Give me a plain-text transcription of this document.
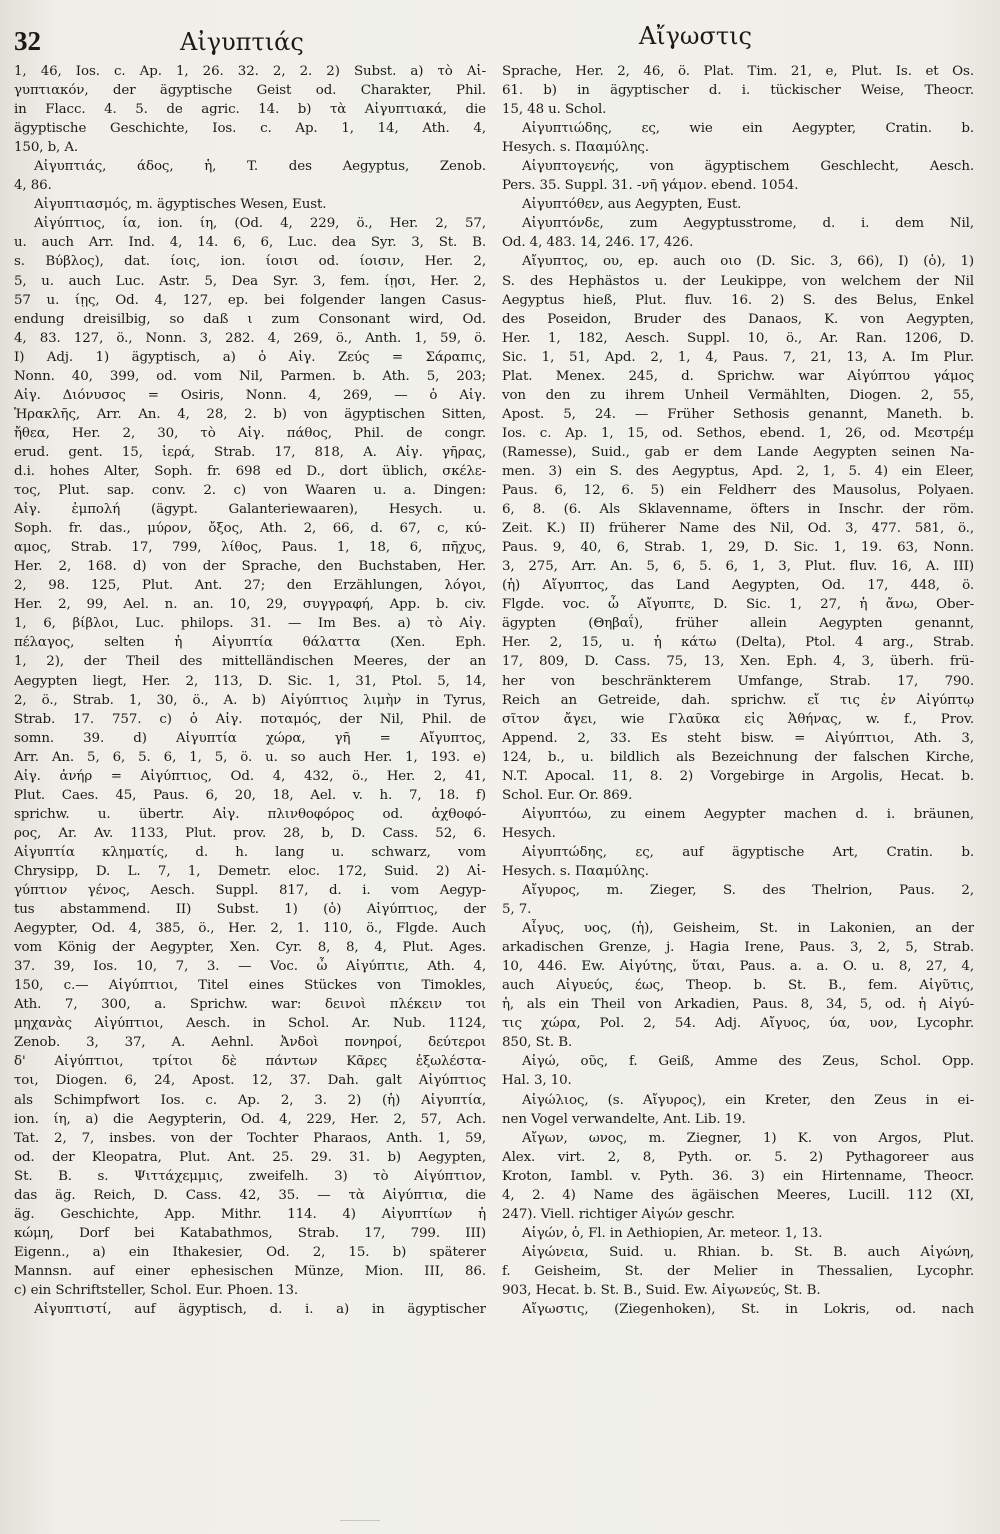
32	Αἰγυπτιάς	Αἴγωστις
1, 46, Ios. c. Ap. 1, 26. 32. 2, 2. 2) Subst. a) τὸ Αἰ-
γυπτιακόν, der ägyptische Geist od. Charakter, Phil.
in Flacc. 4. 5. de agric. 14. b) τὰ Αἰγυπτιακά, die
ägyptische Geschichte, Ios. c. Ap. 1, 14, Ath. 4,
150, b, A.
Αἰγυπτιάς, άδος, ἡ, T. des Aegyptus, Zenob.
4, 86.
Αἰγυπτιασμός, m. ägyptisches Wesen, Eust.
Αἰγύπτιος, ία, ion. ίη, (Od. 4, 229, ö., Her. 2, 57,
u. auch Arr. Ind. 4, 14. 6, 6, Luc. dea Syr. 3, St. B.
s. Βύβλος), dat. ίοις, ion. ίοισι od. ίοισιν, Her. 2,
5, u. auch Luc. Astr. 5, Dea Syr. 3, fem. ίῃσι, Her. 2,
57 u. ίῃς, Od. 4, 127, ep. bei folgender langen Casus-
endung dreisilbig, so daß ι zum Consonant wird, Od.
4, 83. 127, ö., Nonn. 3, 282. 4, 269, ö., Anth. 1, 59, ö.
I) Adj. 1) ägyptisch, a) ὁ Αἰγ. Ζεύς = Σάραπις,
Nonn. 40, 399, od. vom Nil, Parmen. b. Ath. 5, 203;
Αἰγ. Διόνυσος = Osiris, Nonn. 4, 269, — ὁ Αἰγ.
Ἡρακλῆς, Arr. An. 4, 28, 2. b) von ägyptischen Sitten,
ἤθεα, Her. 2, 30, τὸ Αἰγ. πάθος, Phil. de congr.
erud. gent. 15, ἱερά, Strab. 17, 818, A. Αἰγ. γῆρας,
d.i. hohes Alter, Soph. fr. 698 ed D., dort üblich, σκέλε-
τος, Plut. sap. conv. 2. c) von Waaren u. a. Dingen:
Αἰγ. ἐμπολή (ägypt. Galanteriewaaren), Hesych. u.
Soph. fr. das., μύρον, ὄξος, Ath. 2, 66, d. 67, c, κύ-
αμος, Strab. 17, 799, λίθος, Paus. 1, 18, 6, πῆχυς,
Her. 2, 168. d) von der Sprache, den Buchstaben, Her.
2, 98. 125, Plut. Ant. 27; den Erzählungen, λόγοι,
Her. 2, 99, Ael. n. an. 10, 29, συγγραφή, App. b. civ.
1, 6, βίβλοι, Luc. philops. 31. — Im Bes. a) τὸ Αἰγ.
πέλαγος, selten ἡ Αἰγυπτία θάλαττα (Xen. Eph.
1, 2), der Theil des mittelländischen Meeres, der an
Aegypten liegt, Her. 2, 113, D. Sic. 1, 31, Ptol. 5, 14,
2, ö., Strab. 1, 30, ö., A. b) Αἰγύπτιος λιμὴν in Tyrus,
Strab. 17. 757. c) ὁ Αἰγ. ποταμός, der Nil, Phil. de
somn. 39. d) Αἰγυπτία χώρα, γῆ = Αἴγυπτος,
Arr. An. 5, 6, 5. 6, 1, 5, ö. u. so auch Her. 1, 193. e)
Αἰγ. ἀνήρ = Αἰγύπτιος, Od. 4, 432, ö., Her. 2, 41,
Plut. Caes. 45, Paus. 6, 20, 18, Ael. v. h. 7, 18. f)
sprichw. u. übertr. Αἰγ. πλινθοφόρος od. ἀχθοφό-
ρος, Ar. Av. 1133, Plut. prov. 28, b, D. Cass. 52, 6.
Αἰγυπτία κληματίς, d. h. lang u. schwarz, vom
Chrysipp, D. L. 7, 1, Demetr. eloc. 172, Suid. 2) Αἰ-
γύπτιον γένος, Aesch. Suppl. 817, d. i. vom Aegyp-
tus abstammend. II) Subst. 1) (ὁ) Αἰγύπτιος, der
Aegypter, Od. 4, 385, ö., Her. 2, 1. 110, ö., Flgde. Auch
vom König der Aegypter, Xen. Cyr. 8, 8, 4, Plut. Ages.
37. 39, Ios. 10, 7, 3. — Voc. ὦ Αἰγύπτιε, Ath. 4,
150, c.— Αἰγύπτιοι, Titel eines Stückes von Timokles,
Ath. 7, 300, a. Sprichw. war: δεινοὶ πλέκειν τοι
μηχανὰς Αἰγύπτιοι, Aesch. in Schol. Ar. Nub. 1124,
Zenob. 3, 37, A. Aehnl. Ἀνδοὶ πονηροί, δεύτεροι
δ' Αἰγύπτιοι, τρίτοι δὲ πάντων Κᾶρες ἐξωλέστα-
τοι, Diogen. 6, 24, Apost. 12, 37. Dah. galt Αἰγύπτιος
als Schimpfwort Ios. c. Ap. 2, 3. 2) (ἡ) Αἰγυπτία,
ion. ίη, a) die Aegypterin, Od. 4, 229, Her. 2, 57, Ach.
Tat. 2, 7, insbes. von der Tochter Pharaos, Anth. 1, 59,
od. der Kleopatra, Plut. Ant. 25. 29. 31. b) Aegypten,
St. B. s. Ψιττάχεμμις, zweifelh. 3) τὸ Αἰγύπτιον,
das äg. Reich, D. Cass. 42, 35. — τὰ Αἰγύπτια, die
äg. Geschichte, App. Mithr. 114. 4) Αἰγυπτίων ἡ
κώμη, Dorf bei Katabathmos, Strab. 17, 799. III)
Eigenn., a) ein Ithakesier, Od. 2, 15. b) späterer
Mannsn. auf einer ephesischen Münze, Mion. III, 86.
c) ein Schriftsteller, Schol. Eur. Phoen. 13.
Αἰγυπτιστί, auf ägyptisch, d. i. a) in ägyptischer
Sprache, Her. 2, 46, ö. Plat. Tim. 21, e, Plut. Is. et Os.
61. b) in ägyptischer d. i. tückischer Weise, Theocr.
15, 48 u. Schol.
Αἰγυπτιώδης, ες, wie ein Aegypter, Cratin. b.
Hesych. s. Πααμύλης.
Αἰγυπτογενής, von ägyptischem Geschlecht, Aesch.
Pers. 35. Suppl. 31. -νῆ γάμον. ebend. 1054.
Αἰγυπτόθεν, aus Aegypten, Eust.
Αἰγυπτόνδε, zum Aegyptusstrome, d. i. dem Nil,
Od. 4, 483. 14, 246. 17, 426.
Αἴγυπτος, ου, ep. auch οιο (D. Sic. 3, 66), I) (ὁ), 1)
S. des Hephästos u. der Leukippe, von welchem der Nil
Aegyptus hieß, Plut. fluv. 16. 2) S. des Belus, Enkel
des Poseidon, Bruder des Danaos, K. von Aegypten,
Her. 1, 182, Aesch. Suppl. 10, ö., Ar. Ran. 1206, D.
Sic. 1, 51, Apd. 2, 1, 4, Paus. 7, 21, 13, A. Im Plur.
Plat. Menex. 245, d. Sprichw. war Αἰγύπτου γάμος
von den zu ihrem Unheil Vermählten, Diogen. 2, 55,
Apost. 5, 24. — Früher Sethosis genannt, Maneth. b.
Ios. c. Ap. 1, 15, od. Sethos, ebend. 1, 26, od. Μεστρέμ
(Ramesse), Suid., gab er dem Lande Aegypten seinen Na-
men. 3) ein S. des Aegyptus, Apd. 2, 1, 5. 4) ein Eleer,
Paus. 6, 12, 6. 5) ein Feldherr des Mausolus, Polyaen.
6, 8. (6. Als Sklavenname, öfters in Inschr. der röm.
Zeit. K.) II) früherer Name des Nil, Od. 3, 477. 581, ö.,
Paus. 9, 40, 6, Strab. 1, 29, D. Sic. 1, 19. 63, Nonn.
3, 275, Arr. An. 5, 6, 5. 6, 1, 3, Plut. fluv. 16, A. III)
(ἡ) Αἴγυπτος, das Land Aegypten, Od. 17, 448, ö.
Flgde. voc. ὦ Αἴγυπτε, D. Sic. 1, 27, ἡ ἄνω, Ober-
ägypten (Θηβαΐ), früher allein Aegypten genannt,
Her. 2, 15, u. ἡ κάτω (Delta), Ptol. 4 arg., Strab.
17, 809, D. Cass. 75, 13, Xen. Eph. 4, 3, überh. frü-
her von beschränkterem Umfange, Strab. 17, 790.
Reich an Getreide, dah. sprichw. εἴ τις ἐν Αἰγύπτῳ
σῖτον ἄγει, wie Γλαῦκα εἰς Ἀθήνας, w. f., Prov.
Append. 2, 33. Es steht bisw. = Αἰγύπτιοι, Ath. 3,
124, b., u. bildlich als Bezeichnung der falschen Kirche,
N.T. Apocal. 11, 8. 2) Vorgebirge in Argolis, Hecat. b.
Schol. Eur. Or. 869.
Αἰγυπτόω, zu einem Aegypter machen d. i. bräunen,
Hesych.
Αἰγυπτώδης, ες, auf ägyptische Art, Cratin. b.
Hesych. s. Πααμύλης.
Αἴγυρος, m. Zieger, S. des Thelrion, Paus. 2,
5, 7.
Αἶγυς, υος, (ἡ), Geisheim, St. in Lakonien, an der
arkadischen Grenze, j. Hagia Irene, Paus. 3, 2, 5, Strab.
10, 446. Ew. Αἰγύτης, ὕται, Paus. a. a. O. u. 8, 27, 4,
auch Αἰγυεύς, έως, Theop. b. St. B., fem. Αἰγῦτις,
ἡ, als ein Theil von Arkadien, Paus. 8, 34, 5, od. ἡ Αἰγύ-
τις χώρα, Pol. 2, 54. Adj. Αἴγυος, ύα, υον, Lycophr.
850, St. B.
Αἰγώ, οῦς, f. Geiß, Amme des Zeus, Schol. Opp.
Hal. 3, 10.
Αἰγώλιος, (s. Αἴγυρος), ein Kreter, den Zeus in ei-
nen Vogel verwandelte, Ant. Lib. 19.
Αἴγων, ωνος, m. Ziegner, 1) K. von Argos, Plut.
Alex. virt. 2, 8, Pyth. or. 5. 2) Pythagoreer aus
Kroton, Iambl. v. Pyth. 36. 3) ein Hirtenname, Theocr.
4, 2. 4) Name des ägäischen Meeres, Lucill. 112 (XI,
247). Viell. richtiger Αἰγών geschr.
Αἰγών, ὁ, Fl. in Aethiopien, Ar. meteor. 1, 13.
Αἰγώνεια, Suid. u. Rhian. b. St. B. auch Αἰγώνη,
f. Geisheim, St. der Melier in Thessalien, Lycophr.
903, Hecat. b. St. B., Suid. Ew. Αἰγωνεύς, St. B.
Αἴγωστις, (Ziegenhoken), St. in Lokris, od. nach
